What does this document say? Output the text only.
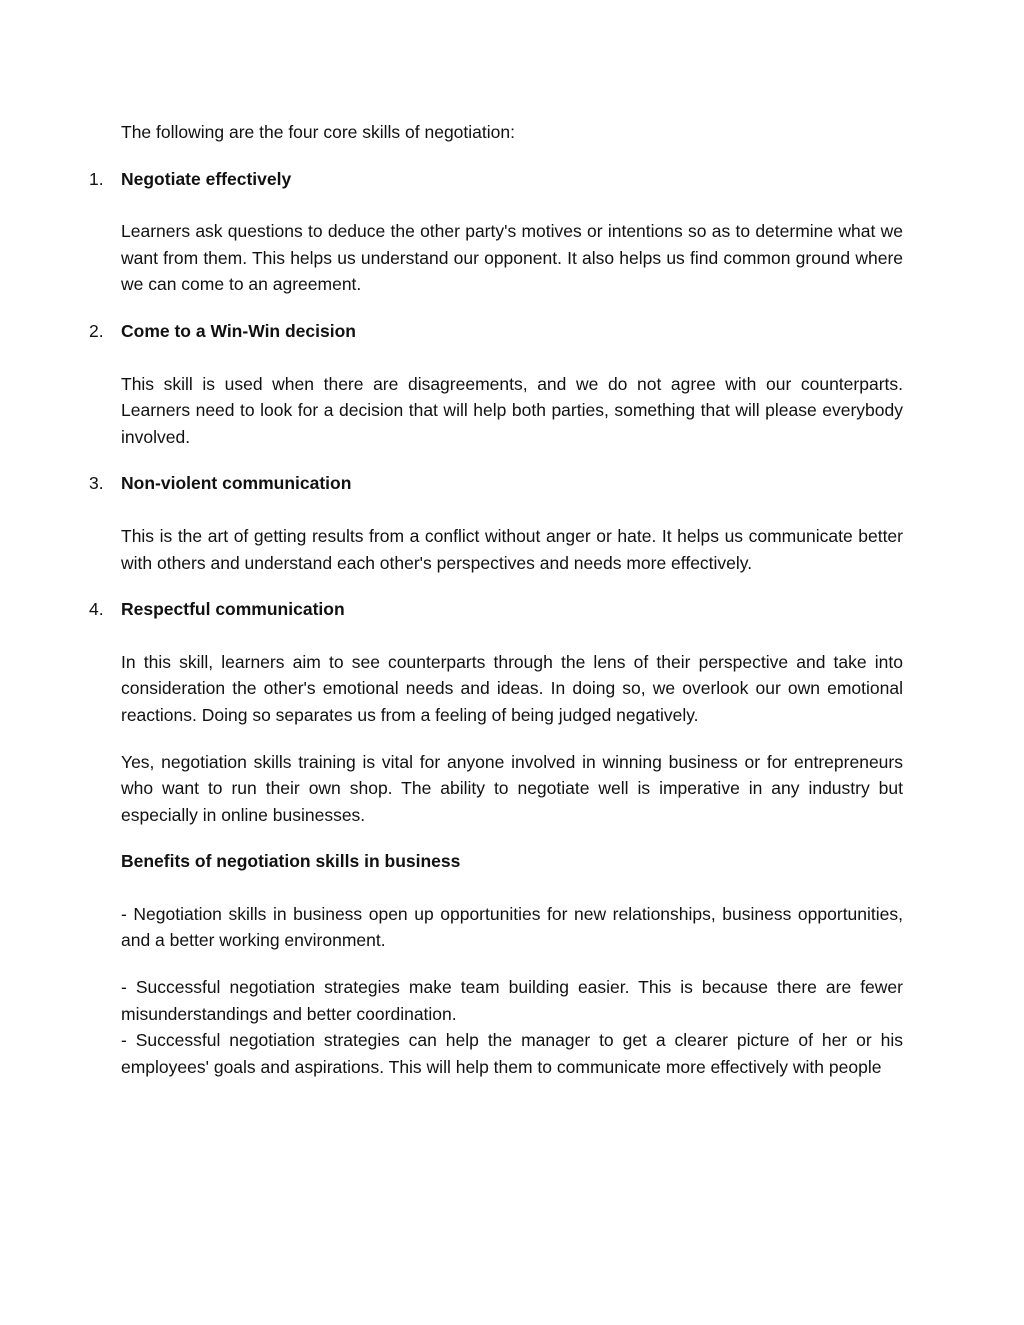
The following are the four core skills of negotiation:

1. Negotiate effectively

Learners ask questions to deduce the other party's motives or intentions so as to determine what we want from them. This helps us understand our opponent. It also helps us find common ground where we can come to an agreement.

2. Come to a Win-Win decision

This skill is used when there are disagreements, and we do not agree with our counterparts. Learners need to look for a decision that will help both parties, something that will please everybody involved.

3. Non-violent communication

This is the art of getting results from a conflict without anger or hate. It helps us communicate better with others and understand each other's perspectives and needs more effectively.

4. Respectful communication

In this skill, learners aim to see counterparts through the lens of their perspective and take into consideration the other's emotional needs and ideas. In doing so, we overlook our own emotional reactions. Doing so separates us from a feeling of being judged negatively.

Yes, negotiation skills training is vital for anyone involved in winning business or for entrepreneurs who want to run their own shop. The ability to negotiate well is imperative in any industry but especially in online businesses.

Benefits of negotiation skills in business

- Negotiation skills in business open up opportunities for new relationships, business opportunities, and a better working environment.

- Successful negotiation strategies make team building easier. This is because there are fewer misunderstandings and better coordination.

- Successful negotiation strategies can help the manager to get a clearer picture of her or his employees' goals and aspirations. This will help them to communicate more effectively with people
